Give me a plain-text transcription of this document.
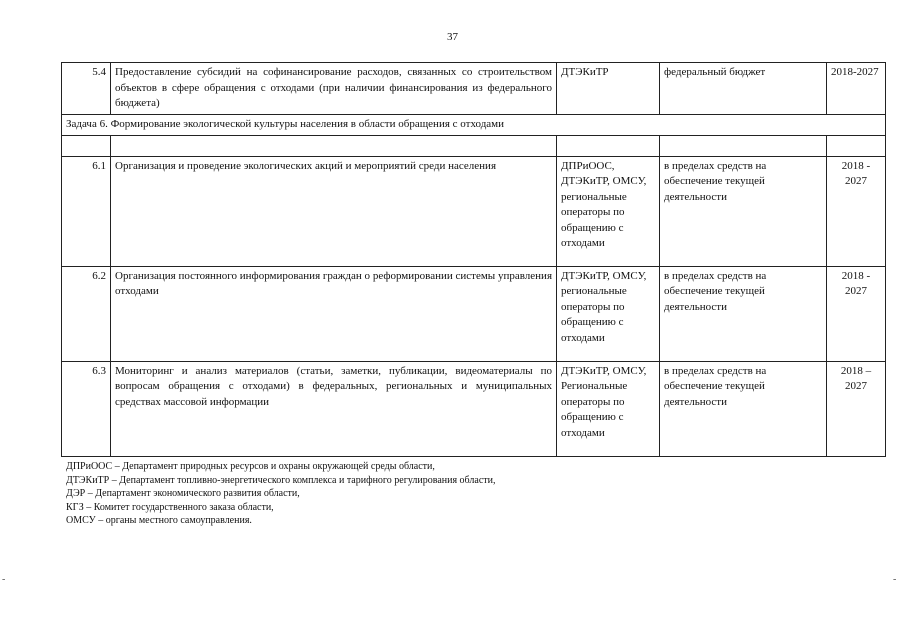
37
5.4	Предоставление субсидий на софинансирование расходов, связанных со строительством объектов в сфере обращения с отходами (при наличии финансирования из федерального бюджета)	ДТЭКиТР	федеральный бюджет	2018-2027
Задача 6. Формирование экологической культуры населения в области обращения с отходами				

6.1	Организация и проведение экологических акций и мероприятий среди населения	ДПРиООС, ДТЭКиТР, ОМСУ, региональные операторы по обращению с отходами	в пределах средств на обеспечение текущей деятельности	2018 - 2027
6.2	Организация постоянного информирования граждан о реформировании системы управления отходами	ДТЭКиТР, ОМСУ, региональные операторы по обращению с отходами	в пределах средств на обеспечение текущей деятельности	2018 - 2027
6.3	Мониторинг и анализ материалов (статьи, заметки, публикации, видеоматериалы по вопросам обращения с отходами) в федеральных, региональных и муниципальных средствах массовой информации	ДТЭКиТР, ОМСУ, Региональные операторы по обращению с отходами	в пределах средств на обеспечение текущей деятельности	2018 – 2027
ДПРиООС – Департамент природных ресурсов и охраны окружающей среды области,
ДТЭКиТР – Департамент топливно-энергетического комплекса и тарифного регулирования области,
ДЭР – Департамент экономического развития области,
КГЗ – Комитет государственного заказа области,
ОМСУ – органы местного самоуправления.
-	-
